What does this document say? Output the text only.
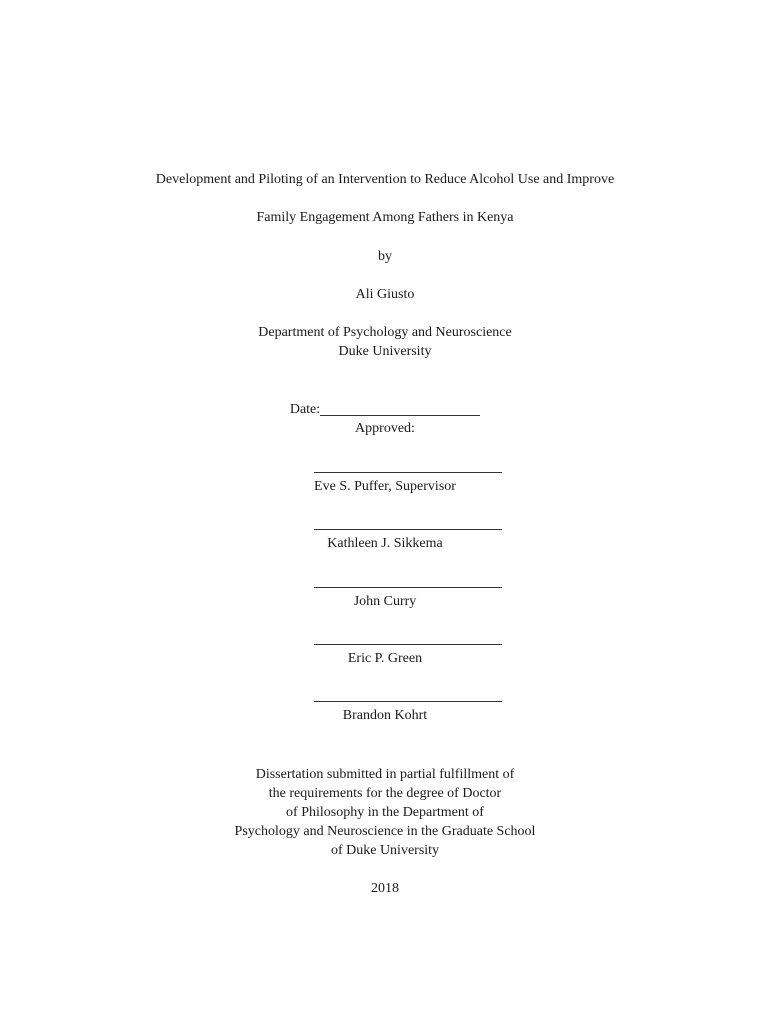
Development and Piloting of an Intervention to Reduce Alcohol Use and Improve
Family Engagement Among Fathers in Kenya
by
Ali Giusto
Department of Psychology and Neuroscience
Duke University
Date:
Approved:
Eve S. Puffer, Supervisor
Kathleen J. Sikkema
John Curry
Eric P. Green
Brandon Kohrt
Dissertation submitted in partial fulfillment of
the requirements for the degree of Doctor
of Philosophy in the Department of
Psychology and Neuroscience in the Graduate School
of Duke University
2018
